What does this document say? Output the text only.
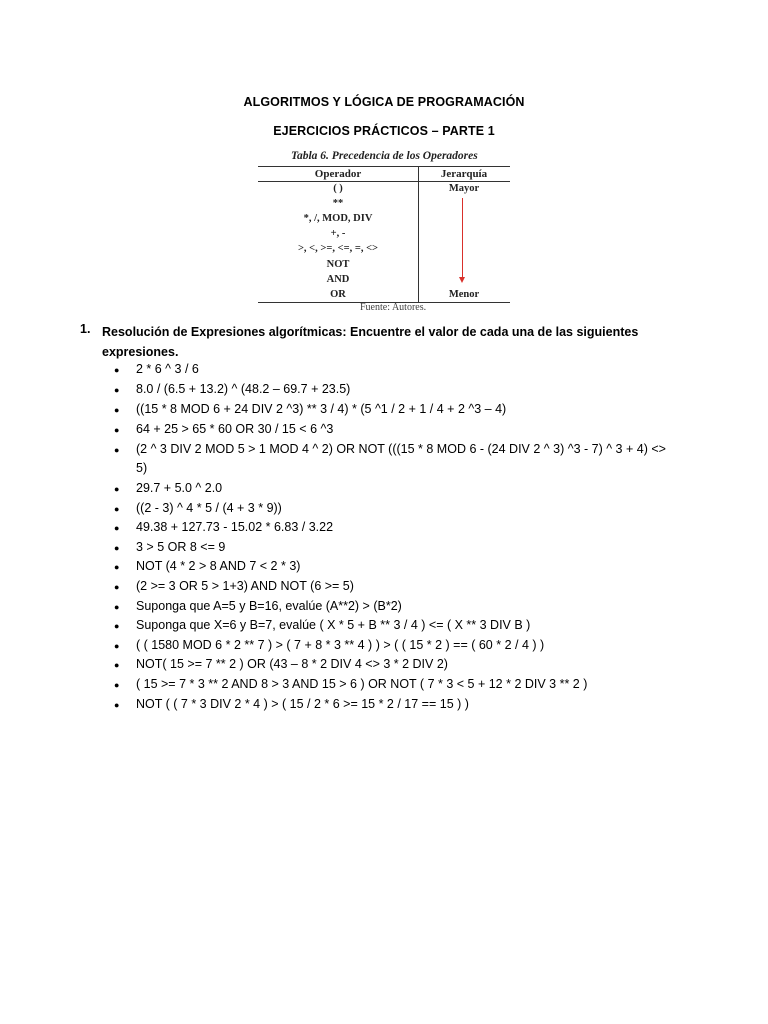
ALGORITMOS Y LÓGICA DE PROGRAMACIÓN
EJERCICIOS PRÁCTICOS – PARTE 1
Tabla 6. Precedencia de los Operadores
Operador	Jerarquía
( )
**
*, /, MOD, DIV
+, -
>, <, >=, <=, =, <>
NOT
AND
OR
Mayor
Menor
Fuente: Autores.
1. Resolución de Expresiones algorítmicas: Encuentre el valor de cada una de las siguientes expresiones.
● 2 * 6 ^ 3 / 6
● 8.0 / (6.5 + 13.2) ^ (48.2 – 69.7 + 23.5)
● ((15 * 8 MOD 6 + 24 DIV 2 ^3) ** 3 / 4) * (5 ^1 / 2 + 1 / 4 + 2 ^3 – 4)
● 64 + 25 > 65 * 60 OR 30 / 15 < 6 ^3
● (2 ^ 3 DIV 2 MOD 5 > 1 MOD 4 ^ 2) OR NOT (((15 * 8 MOD 6 - (24 DIV 2 ^ 3) ^3 - 7) ^ 3 + 4) <> 5)
● 29.7 + 5.0 ^ 2.0
● ((2 - 3) ^ 4 * 5 / (4 + 3 * 9))
● 49.38 + 127.73 - 15.02 * 6.83 / 3.22
● 3 > 5 OR 8 <= 9
● NOT (4 * 2 > 8 AND 7 < 2 * 3)
● (2 >= 3 OR 5 > 1+3) AND NOT (6 >= 5)
● Suponga que A=5 y B=16, evalúe (A**2) > (B*2)
● Suponga que X=6 y B=7, evalúe ( X * 5 + B ** 3 / 4 ) <= ( X ** 3 DIV B )
● ( ( 1580 MOD 6 * 2 ** 7 ) > ( 7 + 8 * 3 ** 4 ) ) > ( ( 15 * 2 ) == ( 60 * 2 / 4 ) )
● NOT( 15 >= 7 ** 2 ) OR (43 – 8 * 2 DIV 4 <> 3 * 2 DIV 2)
● ( 15 >= 7 * 3 ** 2 AND 8 > 3 AND 15 > 6 ) OR NOT ( 7 * 3 < 5 + 12 * 2 DIV 3 ** 2 )
● NOT ( ( 7 * 3 DIV 2 * 4 ) > ( 15 / 2 * 6 >= 15 * 2 / 17 == 15 ) )
